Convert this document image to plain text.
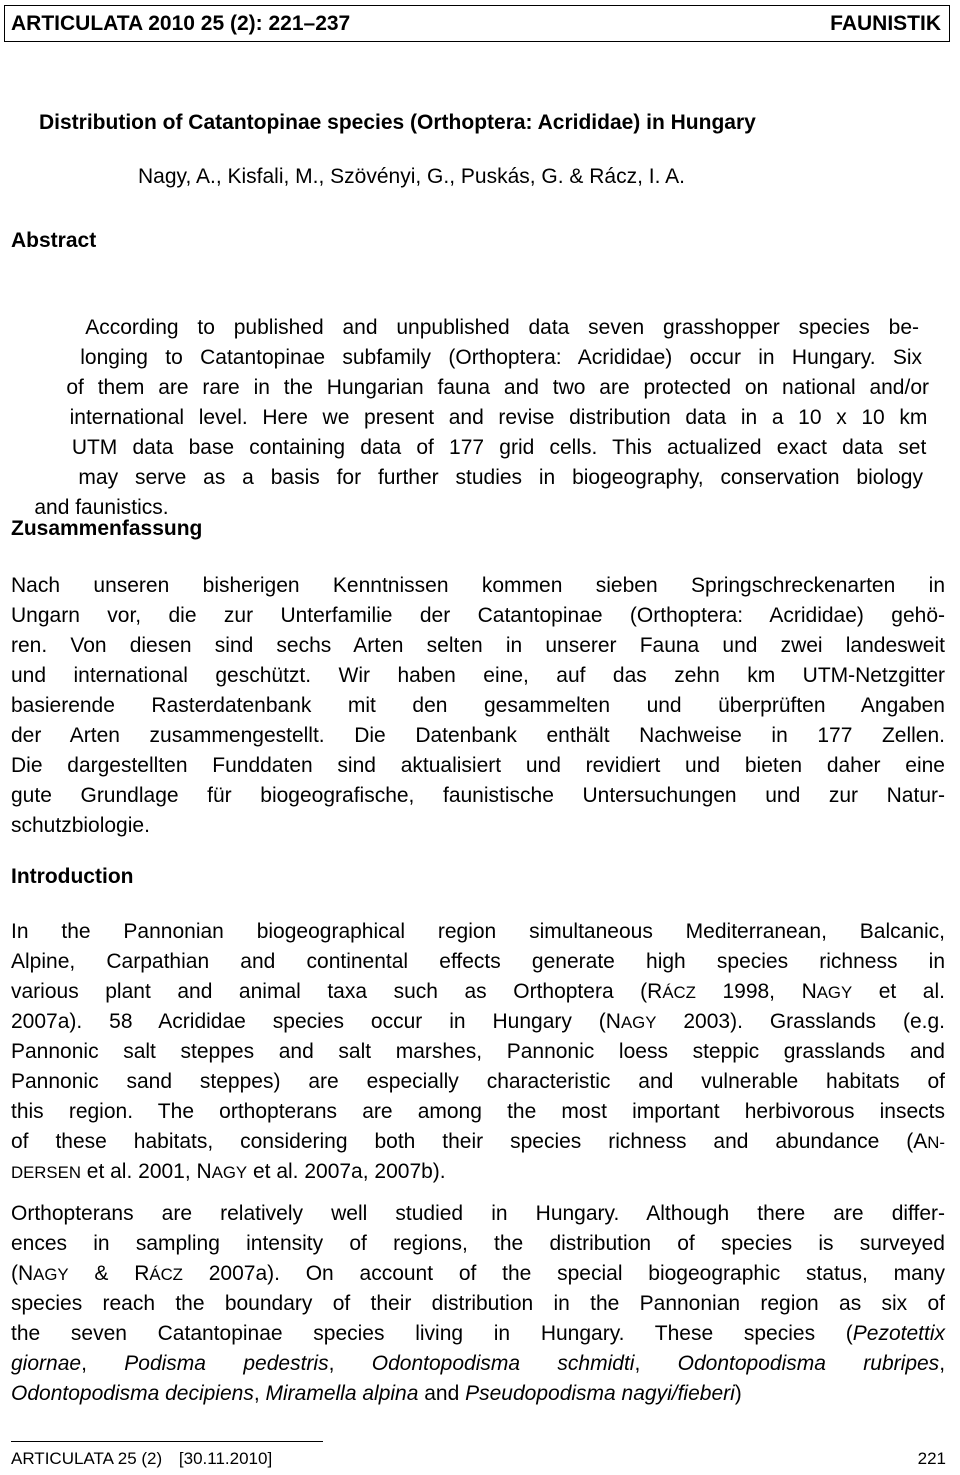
ARTICULATA 2010 25 (2): 221–237	FAUNISTIK
Distribution of Catantopinae species (Orthoptera: Acrididae) in Hungary
Nagy, A., Kisfali, M., Szövényi, G., Puskás, G. & Rácz, I. A.
Abstract

According to published and unpublished data seven grasshopper species be-

longing to Catantopinae subfamily (Orthoptera: Acrididae) occur in Hungary. Six

of them are rare in the Hungarian fauna and two are protected on national and/or

international level. Here we present and revise distribution data in a 10 x 10 km

UTM data base containing data of 177 grid cells. This actualized exact data set

may serve as a basis for further studies in biogeography, conservation biology

and faunistics.

Zusammenfassung
Nach unseren bisherigen Kenntnissen kommen sieben Springschreckenarten in
Ungarn vor, die zur Unterfamilie der Catantopinae (Orthoptera: Acrididae) gehö-
ren. Von diesen sind sechs Arten selten in unserer Fauna und zwei landesweit
und international geschützt. Wir haben eine, auf das zehn km UTM-Netzgitter
basierende Rasterdatenbank mit den gesammelten und überprüften Angaben
der Arten zusammengestellt. Die Datenbank enthält Nachweise in 177 Zellen.
Die dargestellten Funddaten sind aktualisiert und revidiert und bieten daher eine
gute Grundlage für biogeografische, faunistische Untersuchungen und zur Natur-
schutzbiologie.
Introduction
In the Pannonian biogeographical region simultaneous Mediterranean, Balcanic,
Alpine, Carpathian and continental effects generate high species richness in
various plant and animal taxa such as Orthoptera (RÁCZ 1998, NAGY et al.
2007a). 58 Acrididae species occur in Hungary (NAGY 2003). Grasslands (e.g.
Pannonic salt steppes and salt marshes, Pannonic loess steppic grasslands and
Pannonic sand steppes) are especially characteristic and vulnerable habitats of
this region. The orthopterans are among the most important herbivorous insects
of these habitats, considering both their species richness and abundance (AN-
DERSEN et al. 2001, NAGY et al. 2007a, 2007b).
Orthopterans are relatively well studied in Hungary. Although there are differ-
ences in sampling intensity of regions, the distribution of species is surveyed
(NAGY & RÁCZ 2007a). On account of the special biogeographic status, many
species reach the boundary of their distribution in the Pannonian region as six of
the seven Catantopinae species living in Hungary. These species (Pezotettix
giornae, Podisma pedestris, Odontopodisma schmidti, Odontopodisma rubripes,
Odontopodisma decipiens, Miramella alpina and Pseudopodisma nagyi/fieberi)
ARTICULATA 25 (2) [30.11.2010]	221
